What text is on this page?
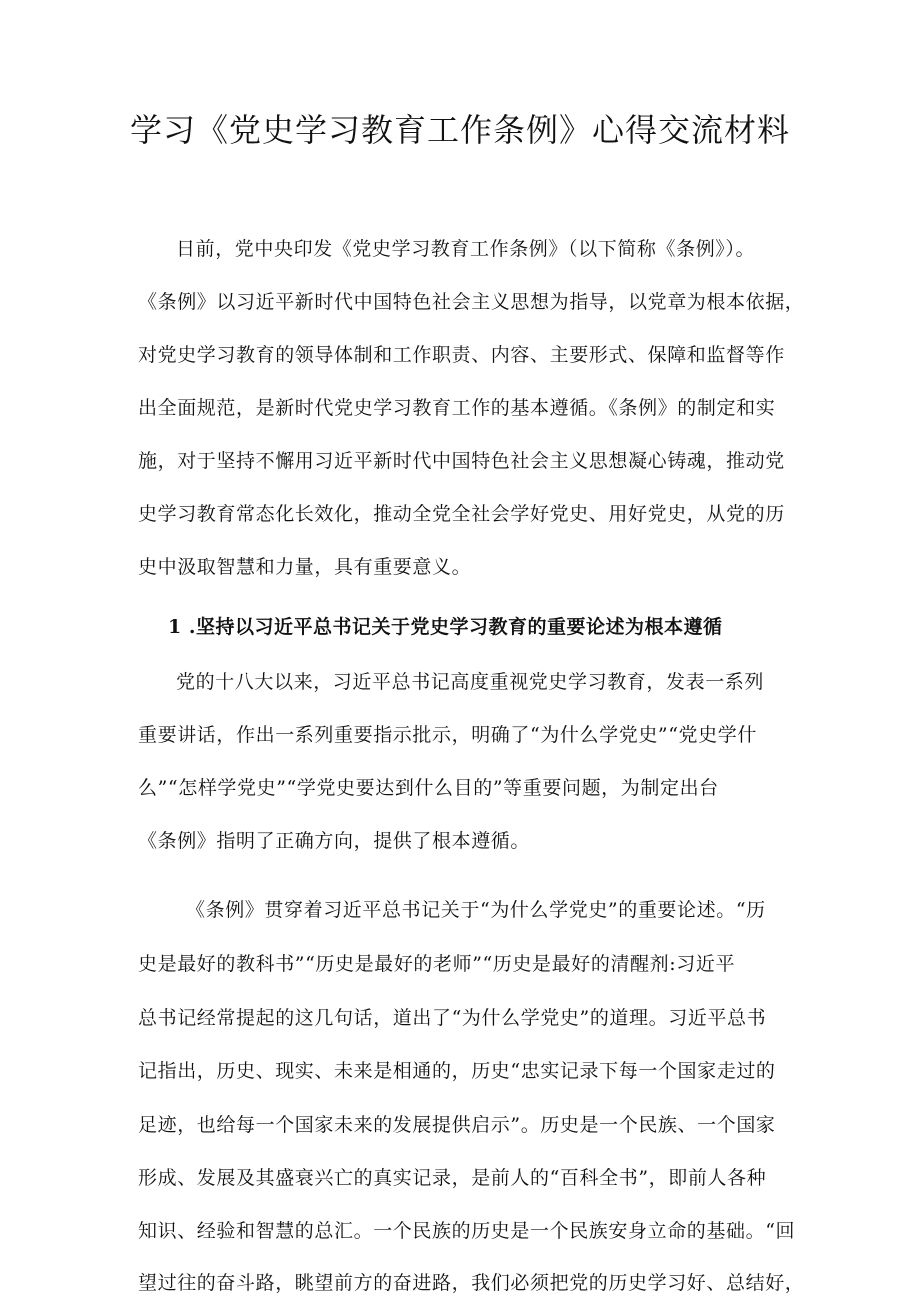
学习《党史学习教育工作条例》心得交流材料
日前，党中央印发《党史学习教育工作条例》（以下简称《条例》）。
《条例》以习近平新时代中国特色社会主义思想为指导，以党章为根本依据，
对党史学习教育的领导体制和工作职责、内容、主要形式、保障和监督等作
出全面规范，是新时代党史学习教育工作的基本遵循。《条例》的制定和实
施，对于坚持不懈用习近平新时代中国特色社会主义思想凝心铸魂，推动党
史学习教育常态化长效化，推动全党全社会学好党史、用好党史，从党的历
史中汲取智慧和力量，具有重要意义。
1 .坚持以习近平总书记关于党史学习教育的重要论述为根本遵循
党的十八大以来，习近平总书记高度重视党史学习教育，发表一系列
重要讲话，作出一系列重要指示批示，明确了“为什么学党史”“党史学什
么”“怎样学党史”“学党史要达到什么目的”等重要问题，为制定出台
《条例》指明了正确方向，提供了根本遵循。
《条例》贯穿着习近平总书记关于“为什么学党史”的重要论述。“历
史是最好的教科书”“历史是最好的老师”“历史是最好的清醒剂:习近平
总书记经常提起的这几句话，道出了“为什么学党史”的道理。习近平总书
记指出，历史、现实、未来是相通的，历史“忠实记录下每一个国家走过的
足迹，也给每一个国家未来的发展提供启示”。历史是一个民族、一个国家
形成、发展及其盛衰兴亡的真实记录，是前人的“百科全书”，即前人各种
知识、经验和智慧的总汇。一个民族的历史是一个民族安身立命的基础。“回
望过往的奋斗路，眺望前方的奋进路，我们必须把党的历史学习好、总结好，
